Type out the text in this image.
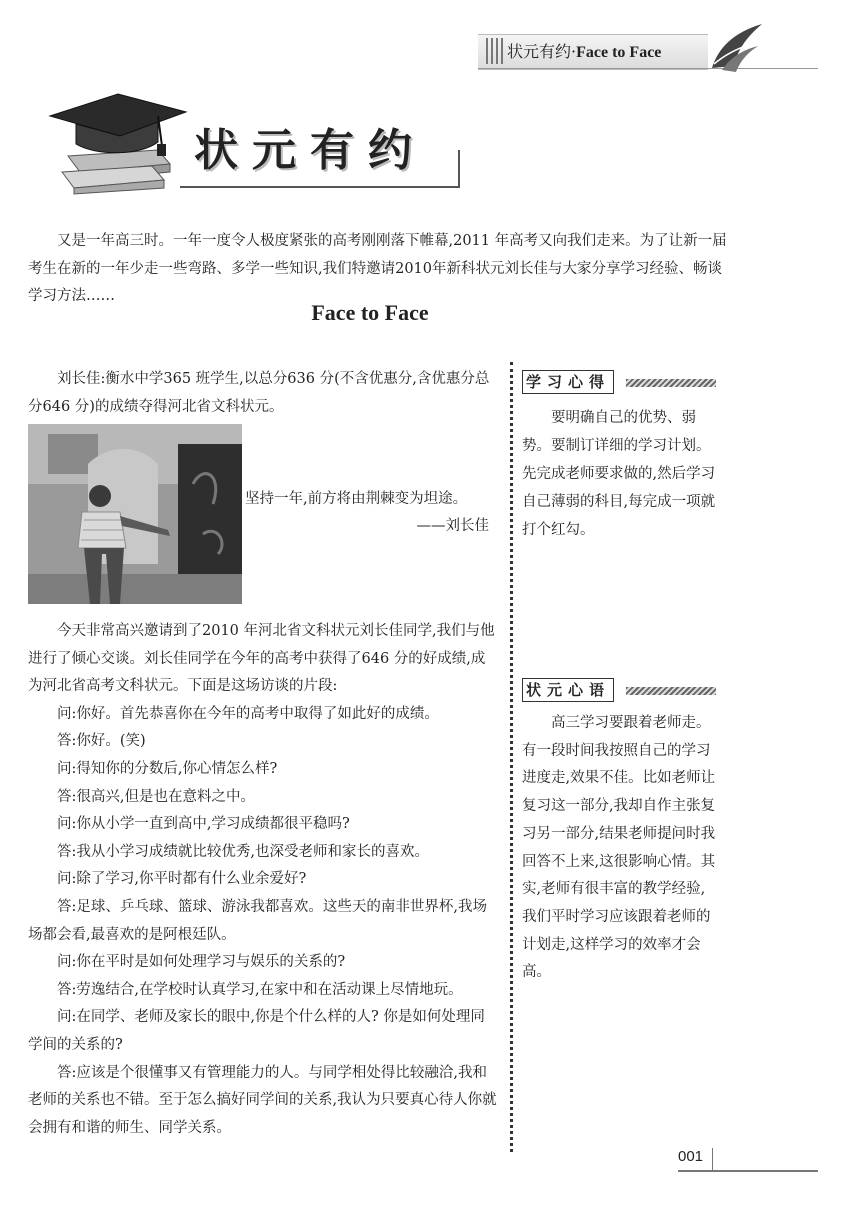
状元有约·Face to Face
状元有约
又是一年高三时。一年一度令人极度紧张的高考刚刚落下帷幕,2011 年高考又向我们走来。为了让新一届考生在新的一年少走一些弯路、多学一些知识,我们特邀请2010年新科状元刘长佳与大家分享学习经验、畅谈学习方法……
Face to Face
刘长佳:衡水中学365 班学生,以总分636 分(不含优惠分,含优惠分总分646 分)的成绩夺得河北省文科状元。
坚持一年,前方将由荆棘变为坦途。
——刘长佳
今天非常高兴邀请到了2010 年河北省文科状元刘长佳同学,我们与他进行了倾心交谈。刘长佳同学在今年的高考中获得了646 分的好成绩,成为河北省高考文科状元。下面是这场访谈的片段:
问:你好。首先恭喜你在今年的高考中取得了如此好的成绩。
答:你好。(笑)
问:得知你的分数后,你心情怎么样?
答:很高兴,但是也在意料之中。
问:你从小学一直到高中,学习成绩都很平稳吗?
答:我从小学习成绩就比较优秀,也深受老师和家长的喜欢。
问:除了学习,你平时都有什么业余爱好?
答:足球、乒乓球、篮球、游泳我都喜欢。这些天的南非世界杯,我场场都会看,最喜欢的是阿根廷队。
问:你在平时是如何处理学习与娱乐的关系的?
答:劳逸结合,在学校时认真学习,在家中和在活动课上尽情地玩。
问:在同学、老师及家长的眼中,你是个什么样的人? 你是如何处理同学间的关系的?
答:应该是个很懂事又有管理能力的人。与同学相处得比较融洽,我和老师的关系也不错。至于怎么搞好同学间的关系,我认为只要真心待人你就会拥有和谐的师生、同学关系。
学习心得
要明确自己的优势、弱势。要制订详细的学习计划。先完成老师要求做的,然后学习自己薄弱的科目,每完成一项就打个红勾。
状元心语
高三学习要跟着老师走。有一段时间我按照自己的学习进度走,效果不佳。比如老师让复习这一部分,我却自作主张复习另一部分,结果老师提问时我回答不上来,这很影响心情。其实,老师有很丰富的教学经验,我们平时学习应该跟着老师的计划走,这样学习的效率才会高。
001
